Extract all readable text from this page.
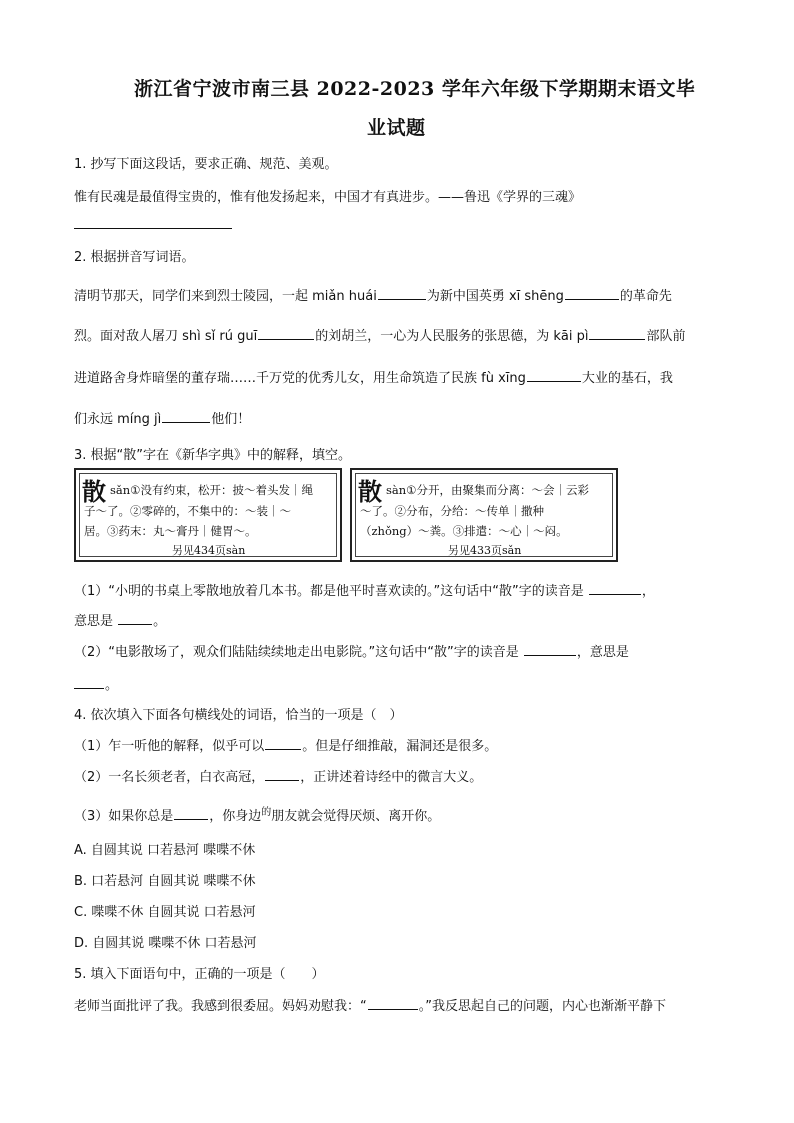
浙江省宁波市南三县 2022-2023 学年六年级下学期期末语文毕
业试题
1. 抄写下面这段话，要求正确、规范、美观。
惟有民魂是最值得宝贵的，惟有他发扬起来，中国才有真进步。——鲁迅《学界的三魂》
2. 根据拼音写词语。
清明节那天，同学们来到烈士陵园，一起 miǎn huái	为新中国英勇 xī shēng	的革命先
烈。面对敌人屠刀 shì sǐ rú guī	的刘胡兰，一心为人民服务的张思德，为 kāi pì	部队前
进道路舍身炸暗堡的董存瑞……千万党的优秀儿女，用生命筑造了民族 fù xīng	大业的基石，我
们永远 míng jì	他们！
3. 根据“散”字在《新华字典》中的解释，填空。
散 sǎn①没有约束，松开：披～着头发｜绳
子～了。②零碎的，不集中的：～装｜～
居。③药末：丸～膏丹｜健胃～。
另见434页sàn
散 sàn①分开，由聚集而分离：～会｜云彩
～了。②分布，分给：～传单｜撒种
（zhǒng）～粪。③排遣：～心｜～闷。
另见433页sǎn
（1）“小明的书桌上零散地放着几本书。都是他平时喜欢读的。”这句话中“散”字的读音是	，
意思是	。
（2）“电影散场了，观众们陆陆续续地走出电影院。”这句话中“散”字的读音是	，意思是
。
4. 依次填入下面各句横线处的词语，恰当的一项是（　）
（1）乍一听他的解释，似乎可以	。但是仔细推敲，漏洞还是很多。
（2）一名长须老者，白衣高冠，	，正讲述着诗经中的微言大义。
（3）如果你总是	，你身边$^的$朋友就会觉得厌烦、离开你。
A. 自圆其说 口若悬河 喋喋不休
B. 口若悬河 自圆其说 喋喋不休
C. 喋喋不休 自圆其说 口若悬河
D. 自圆其说 喋喋不休 口若悬河
5. 填入下面语句中，正确的一项是（　　）
老师当面批评了我。我感到很委屈。妈妈劝慰我：“	。”我反思起自己的问题，内心也渐渐平静下
